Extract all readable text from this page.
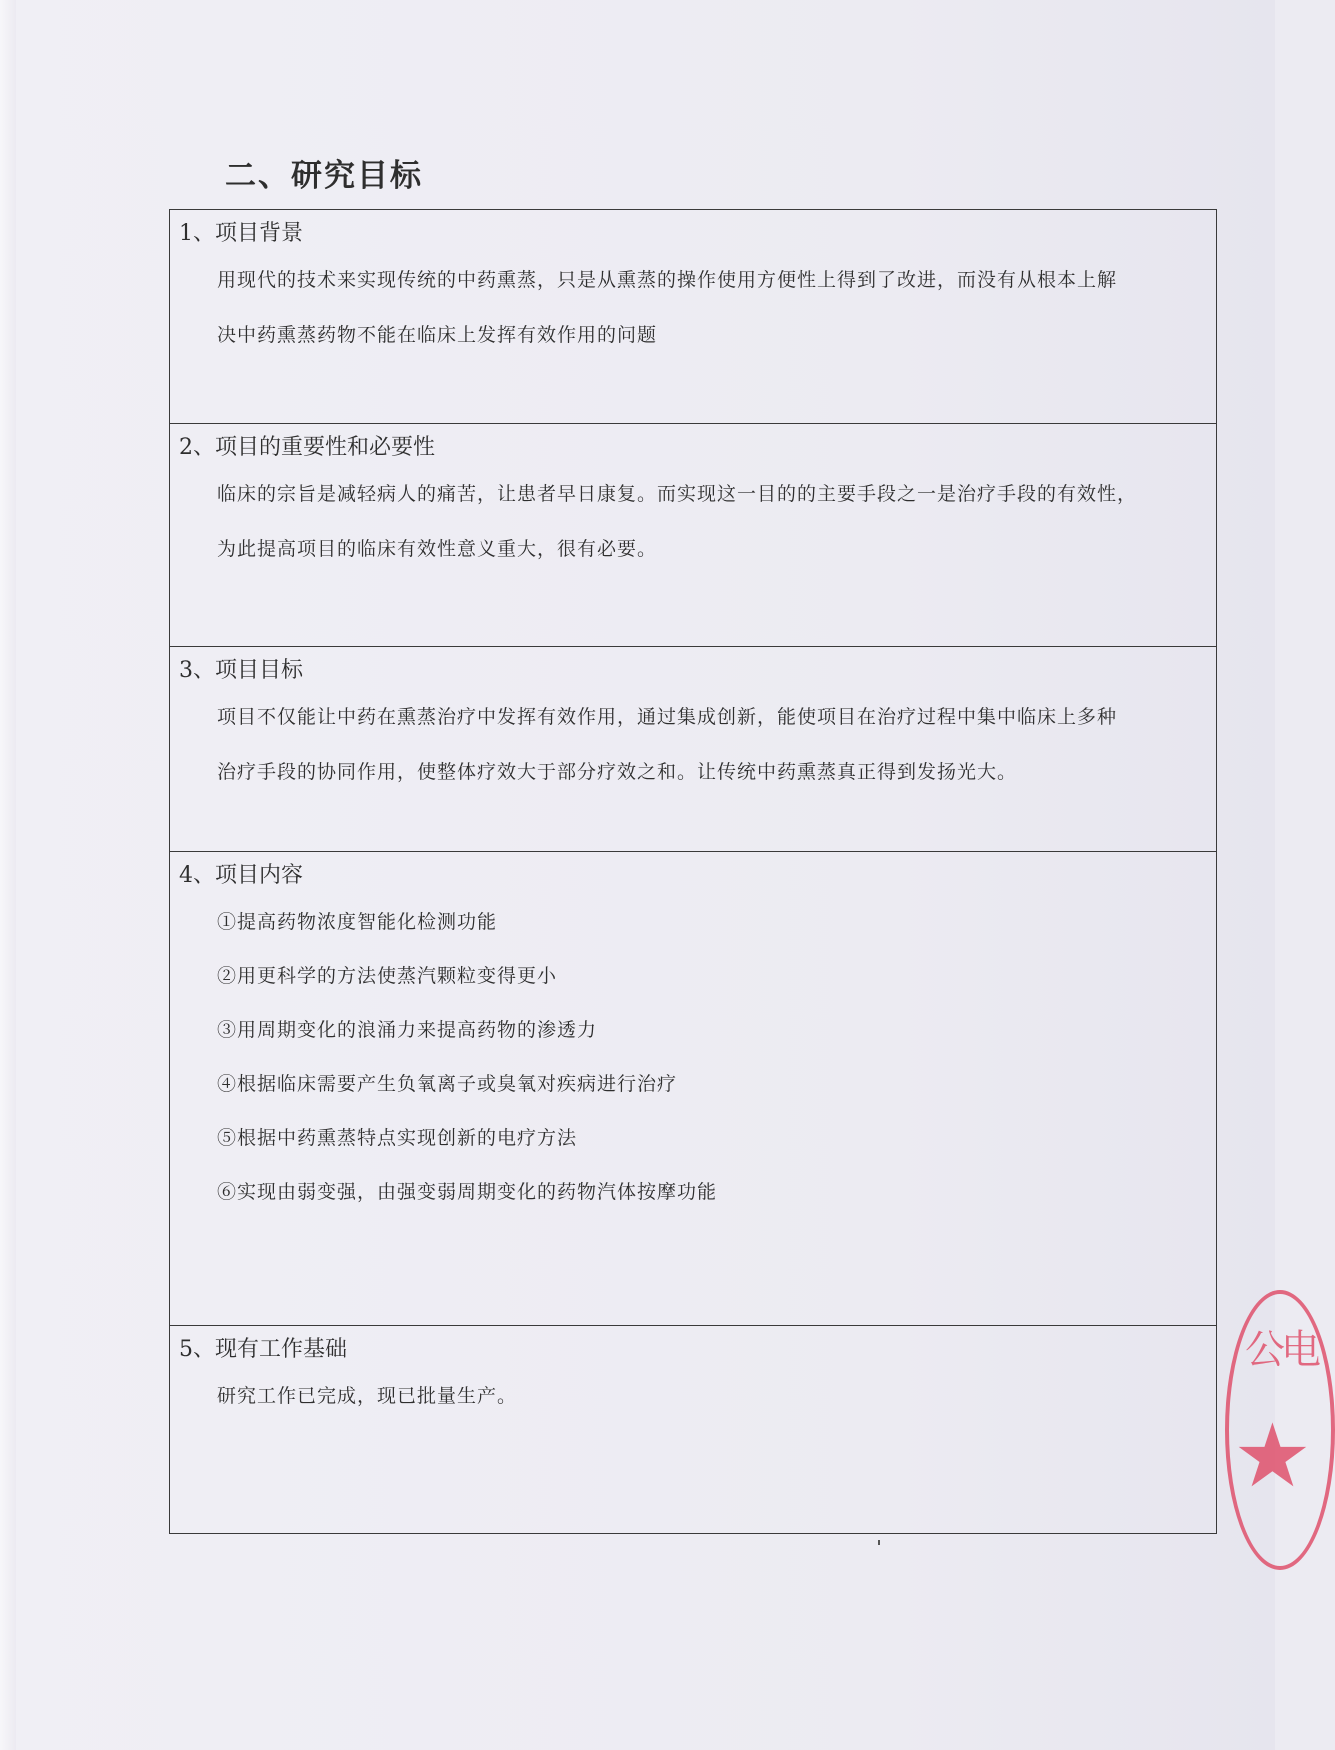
二、研究目标
1、项目背景
用现代的技术来实现传统的中药熏蒸，只是从熏蒸的操作使用方便性上得到了改进，而没有从根本上解
决中药熏蒸药物不能在临床上发挥有效作用的问题
2、项目的重要性和必要性
临床的宗旨是减轻病人的痛苦，让患者早日康复。而实现这一目的的主要手段之一是治疗手段的有效性，
为此提高项目的临床有效性意义重大，很有必要。
3、项目目标
项目不仅能让中药在熏蒸治疗中发挥有效作用，通过集成创新，能使项目在治疗过程中集中临床上多种
治疗手段的协同作用，使整体疗效大于部分疗效之和。让传统中药熏蒸真正得到发扬光大。
4、项目内容
①提高药物浓度智能化检测功能
②用更科学的方法使蒸汽颗粒变得更小
③用周期变化的浪涌力来提高药物的渗透力
④根据临床需要产生负氧离子或臭氧对疾病进行治疗
⑤根据中药熏蒸特点实现创新的电疗方法
⑥实现由弱变强，由强变弱周期变化的药物汽体按摩功能
5、现有工作基础
研究工作已完成，现已批量生产。
公电
★
